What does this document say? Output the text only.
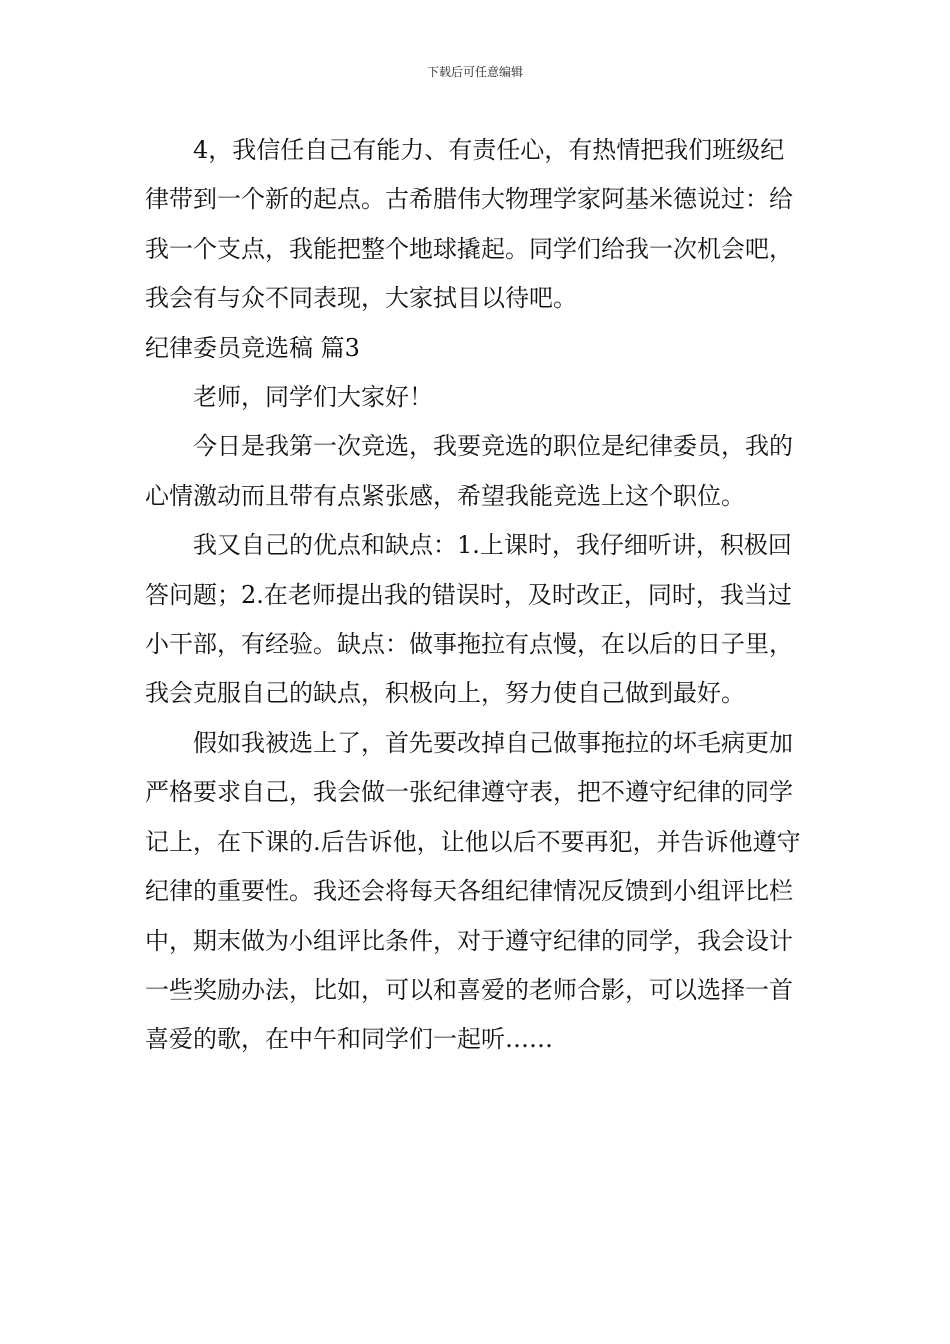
下载后可任意编辑

4，我信任自己有能力、有责任心，有热情把我们班级纪律带到一个新的起点。古希腊伟大物理学家阿基米德说过：给我一个支点，我能把整个地球撬起。同学们给我一次机会吧，我会有与众不同表现，大家拭目以待吧。

纪律委员竞选稿 篇3

老师，同学们大家好！

今日是我第一次竞选，我要竞选的职位是纪律委员，我的心情激动而且带有点紧张感，希望我能竞选上这个职位。

我又自己的优点和缺点：1.上课时，我仔细听讲，积极回答问题；2.在老师提出我的错误时，及时改正，同时，我当过小干部，有经验。缺点：做事拖拉有点慢，在以后的日子里，我会克服自己的缺点，积极向上，努力使自己做到最好。

假如我被选上了，首先要改掉自己做事拖拉的坏毛病更加严格要求自己，我会做一张纪律遵守表，把不遵守纪律的同学记上，在下课的.后告诉他，让他以后不要再犯，并告诉他遵守纪律的重要性。我还会将每天各组纪律情况反馈到小组评比栏中，期末做为小组评比条件，对于遵守纪律的同学，我会设计一些奖励办法，比如，可以和喜爱的老师合影，可以选择一首喜爱的歌，在中午和同学们一起听……
